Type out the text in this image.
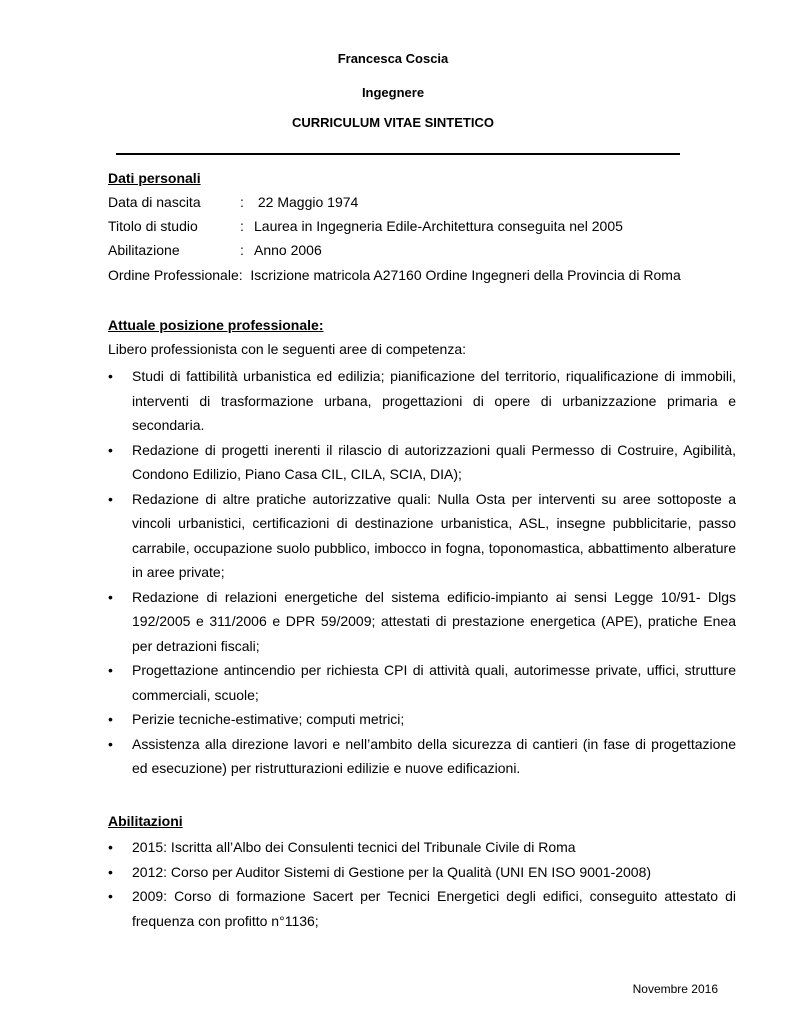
Francesca Coscia
Ingegnere
CURRICULUM VITAE SINTETICO
Dati personali
Data di nascita	: 22 Maggio 1974
Titolo di studio	: Laurea in Ingegneria Edile-Architettura conseguita nel 2005
Abilitazione	: Anno 2006
Ordine Professionale: Iscrizione matricola A27160 Ordine Ingegneri della Provincia di Roma
Attuale posizione professionale:
Libero professionista con le seguenti aree di competenza:
• Studi di fattibilità urbanistica ed edilizia; pianificazione del territorio, riqualificazione di immobili, interventi di trasformazione urbana, progettazioni di opere di urbanizzazione primaria e secondaria.
• Redazione di progetti inerenti il rilascio di autorizzazioni quali Permesso di Costruire, Agibilità, Condono Edilizio, Piano Casa CIL, CILA, SCIA, DIA);
• Redazione di altre pratiche autorizzative quali: Nulla Osta per interventi su aree sottoposte a vincoli urbanistici, certificazioni di destinazione urbanistica, ASL, insegne pubblicitarie, passo carrabile, occupazione suolo pubblico, imbocco in fogna, toponomastica, abbattimento alberature in aree private;
• Redazione di relazioni energetiche del sistema edificio-impianto ai sensi Legge 10/91- Dlgs 192/2005 e 311/2006 e DPR 59/2009; attestati di prestazione energetica (APE), pratiche Enea per detrazioni fiscali;
• Progettazione antincendio per richiesta CPI di attività quali, autorimesse private, uffici, strutture commerciali, scuole;
• Perizie tecniche-estimative; computi metrici;
• Assistenza alla direzione lavori e nell’ambito della sicurezza di cantieri (in fase di progettazione ed esecuzione) per ristrutturazioni edilizie e nuove edificazioni.
Abilitazioni
• 2015: Iscritta all’Albo dei Consulenti tecnici del Tribunale Civile di Roma
• 2012: Corso per Auditor Sistemi di Gestione per la Qualità (UNI EN ISO 9001-2008)
• 2009: Corso di formazione Sacert per Tecnici Energetici degli edifici, conseguito attestato di frequenza con profitto n°1136;
Novembre 2016
